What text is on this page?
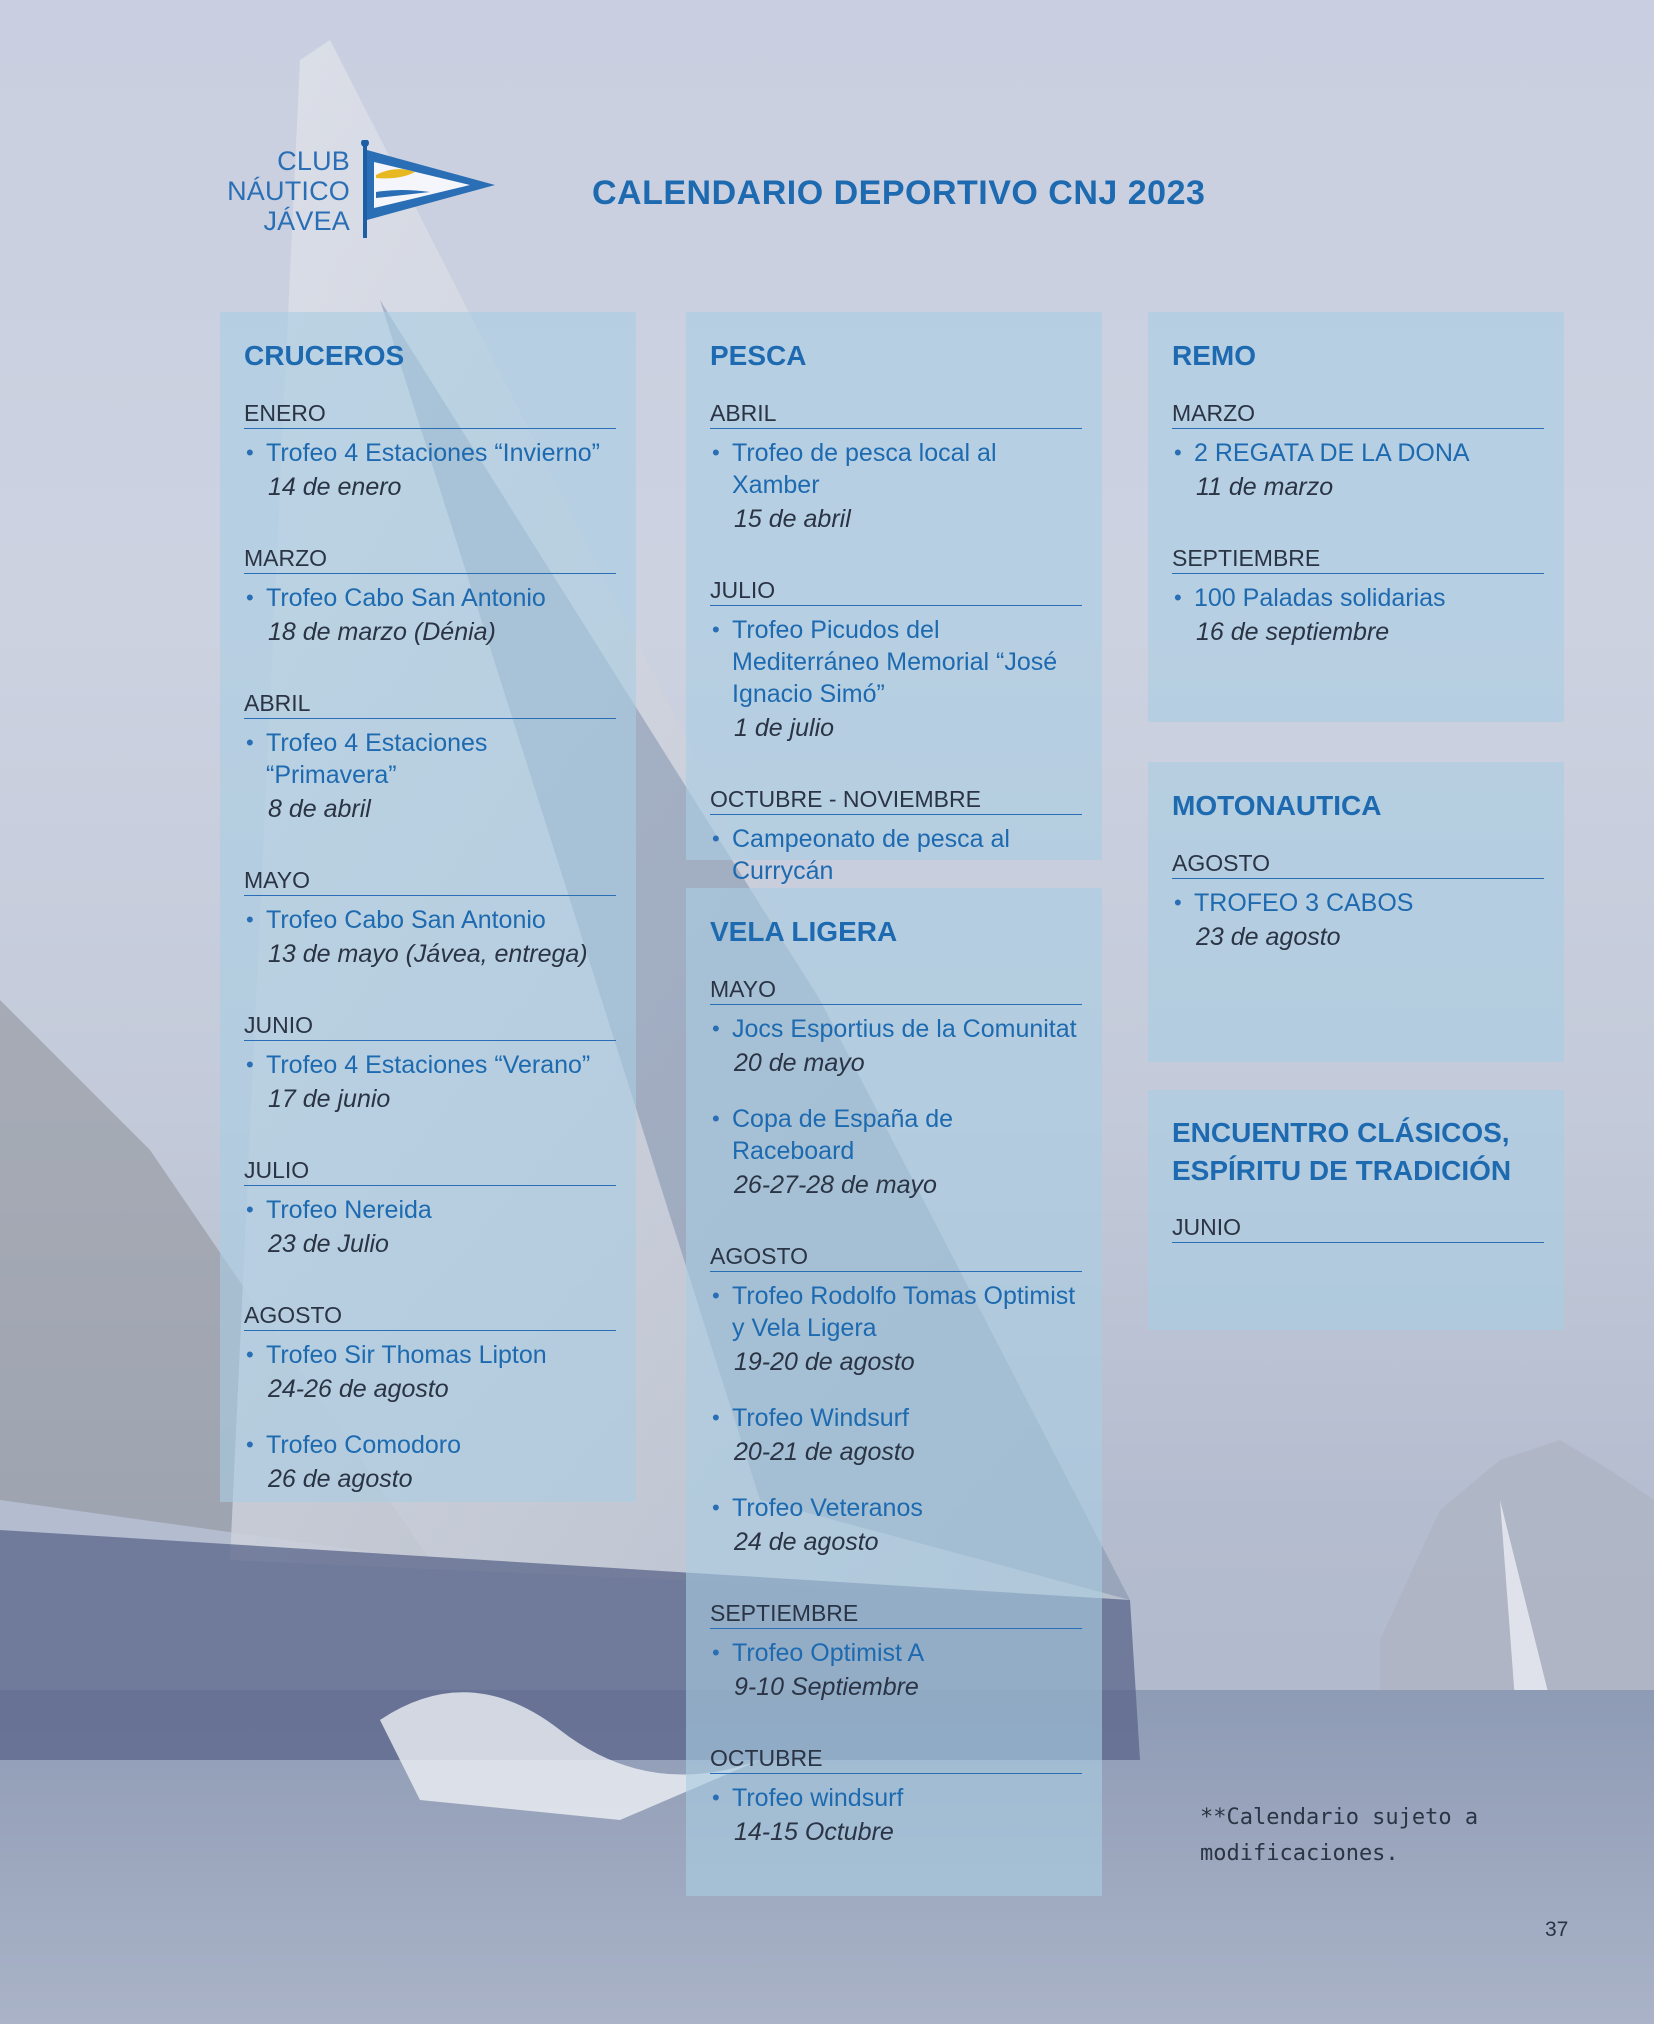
CLUB
NÁUTICO
JÁVEA
CALENDARIO DEPORTIVO CNJ 2023
CRUCEROS
ENERO
• Trofeo 4 Estaciones “Invierno”
14 de enero
MARZO
• Trofeo Cabo San Antonio
18 de marzo (Dénia)
ABRIL
• Trofeo 4 Estaciones “Primavera”
8 de abril
MAYO
• Trofeo Cabo San Antonio
13 de mayo (Jávea, entrega)
JUNIO
• Trofeo 4 Estaciones “Verano”
17 de junio
JULIO
• Trofeo Nereida
23 de Julio
AGOSTO
• Trofeo Sir Thomas Lipton
24-26 de agosto
• Trofeo Comodoro
26 de agosto
PESCA
ABRIL
• Trofeo de pesca local al Xamber
15 de abril
JULIO
• Trofeo Picudos del Mediterráneo Memorial “José Ignacio Simó”
1 de julio
OCTUBRE - NOVIEMBRE
• Campeonato de pesca al Currycán
VELA LIGERA
MAYO
• Jocs Esportius de la Comunitat
20 de mayo
• Copa de España de Raceboard
26-27-28 de mayo
AGOSTO
• Trofeo Rodolfo Tomas Optimist y Vela Ligera
19-20 de agosto
• Trofeo Windsurf
20-21 de agosto
• Trofeo Veteranos
24 de agosto
SEPTIEMBRE
• Trofeo Optimist A
9-10 Septiembre
OCTUBRE
• Trofeo windsurf
14-15 Octubre
REMO
MARZO
• 2 REGATA DE LA DONA
11 de marzo
SEPTIEMBRE
• 100 Paladas solidarias
16 de septiembre
MOTONAUTICA
AGOSTO
• TROFEO 3 CABOS
23 de agosto
ENCUENTRO CLÁSICOS, ESPÍRITU DE TRADICIÓN
JUNIO
**Calendario sujeto a
modificaciones.
37
